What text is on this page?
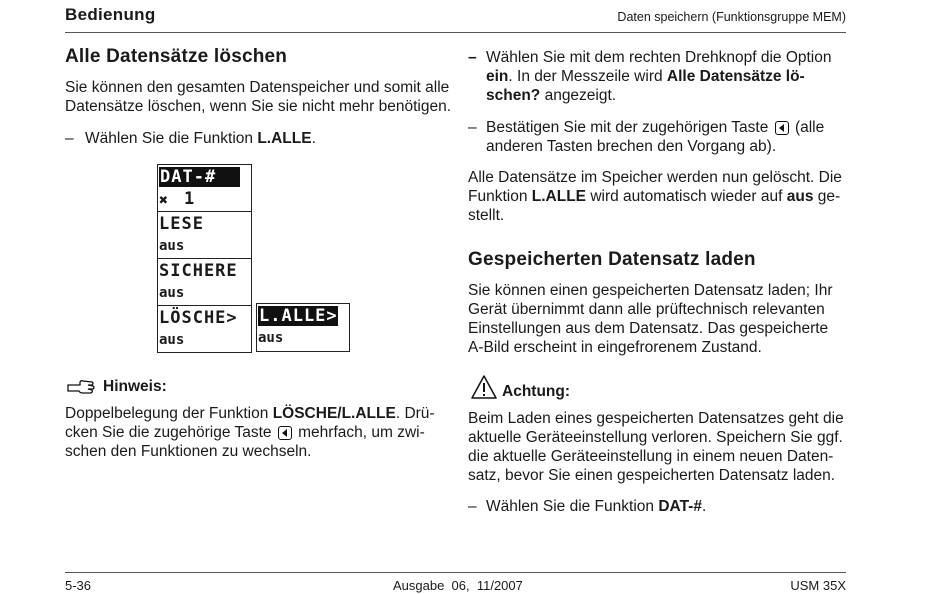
Bedienung	Daten speichern (Funktionsgruppe MEM)
Alle Datensätze löschen

Sie können den gesamten Datenspeicher und somit alle

Datensätze löschen, wenn Sie sie nicht mehr benötigen.

– Wählen Sie die Funktion L.ALLE.

DAT-#
✖ 1
LESE
aus
SICHERE
aus
LÖSCHE>
aus
L.ALLE>
aus

Hinweis:

Doppelbelegung der Funktion LÖSCHE/L.ALLE. Drü-

cken Sie die zugehörige Taste  mehrfach, um zwi-

schen den Funktionen zu wechseln.

– Wählen Sie mit dem rechten Drehknopf die Option

ein. In der Messzeile wird Alle Datensätze lö-

schen? angezeigt.

– Bestätigen Sie mit der zugehörigen Taste  (alle

anderen Tasten brechen den Vorgang ab).

Alle Datensätze im Speicher werden nun gelöscht. Die

Funktion L.ALLE wird automatisch wieder auf aus ge-

stellt.

Gespeicherten Datensatz laden

Sie können einen gespeicherten Datensatz laden; Ihr

Gerät übernimmt dann alle prüftechnisch relevanten

Einstellungen aus dem Datensatz. Das gespeicherte

A-Bild erscheint in eingefrorenem Zustand.

Achtung:

Beim Laden eines gespeicherten Datensatzes geht die

aktuelle Geräteeinstellung verloren. Speichern Sie ggf.

die aktuelle Geräteeinstellung in einem neuen Daten-

satz, bevor Sie einen gespeicherten Datensatz laden.

– Wählen Sie die Funktion DAT-#.

5-36	Ausgabe  06,  11/2007	USM 35X
